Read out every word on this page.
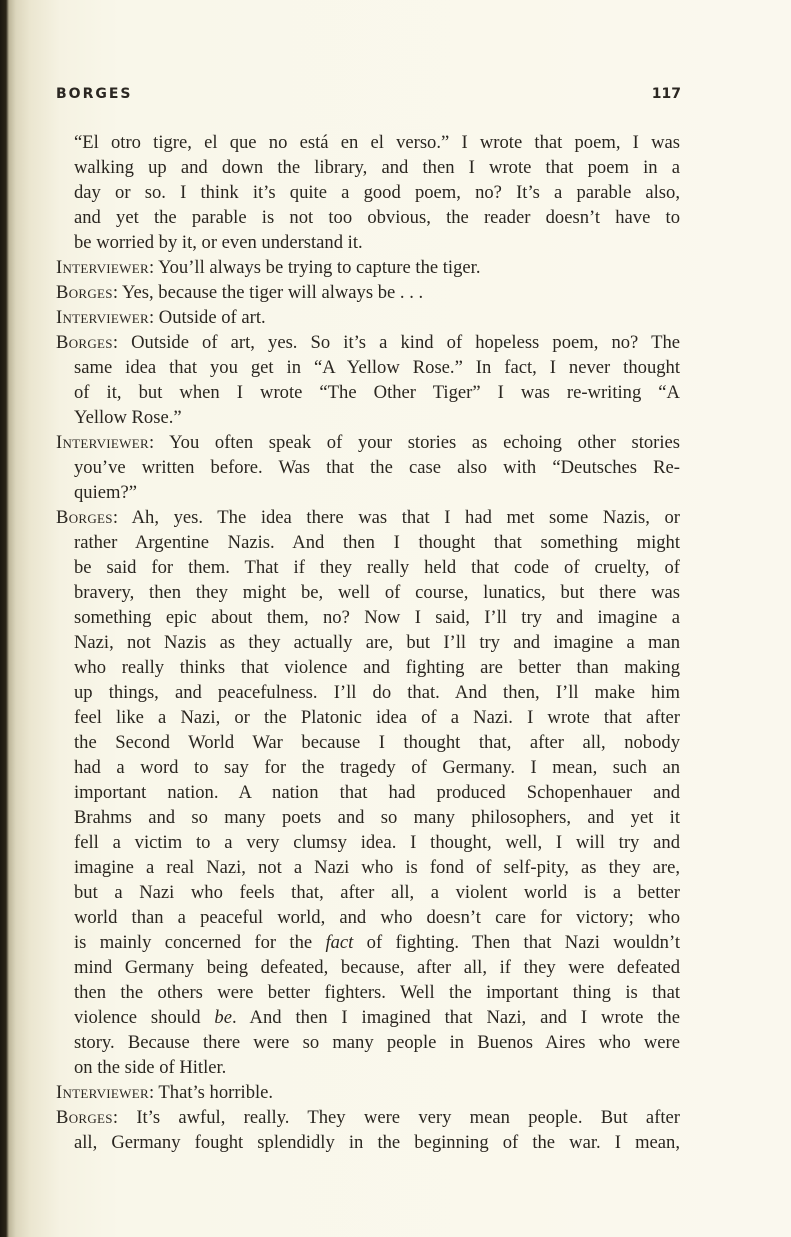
BORGES	117
“El otro tigre, el que no está en el verso.” I wrote that poem, I was
walking up and down the library, and then I wrote that poem in a
day or so. I think it’s quite a good poem, no? It’s a parable also,
and yet the parable is not too obvious, the reader doesn’t have to
be worried by it, or even understand it.
Interviewer: You’ll always be trying to capture the tiger.
Borges: Yes, because the tiger will always be . . .
Interviewer: Outside of art.
Borges: Outside of art, yes. So it’s a kind of hopeless poem, no? The
same idea that you get in “A Yellow Rose.” In fact, I never thought
of it, but when I wrote “The Other Tiger” I was re-writing “A
Yellow Rose.”
Interviewer: You often speak of your stories as echoing other stories
you’ve written before. Was that the case also with “Deutsches Re-
quiem?”
Borges: Ah, yes. The idea there was that I had met some Nazis, or
rather Argentine Nazis. And then I thought that something might
be said for them. That if they really held that code of cruelty, of
bravery, then they might be, well of course, lunatics, but there was
something epic about them, no? Now I said, I’ll try and imagine a
Nazi, not Nazis as they actually are, but I’ll try and imagine a man
who really thinks that violence and fighting are better than making
up things, and peacefulness. I’ll do that. And then, I’ll make him
feel like a Nazi, or the Platonic idea of a Nazi. I wrote that after
the Second World War because I thought that, after all, nobody
had a word to say for the tragedy of Germany. I mean, such an
important nation. A nation that had produced Schopenhauer and
Brahms and so many poets and so many philosophers, and yet it
fell a victim to a very clumsy idea. I thought, well, I will try and
imagine a real Nazi, not a Nazi who is fond of self-pity, as they are,
but a Nazi who feels that, after all, a violent world is a better
world than a peaceful world, and who doesn’t care for victory; who
is mainly concerned for the fact of fighting. Then that Nazi wouldn’t
mind Germany being defeated, because, after all, if they were defeated
then the others were better fighters. Well the important thing is that
violence should be. And then I imagined that Nazi, and I wrote the
story. Because there were so many people in Buenos Aires who were
on the side of Hitler.
Interviewer: That’s horrible.
Borges: It’s awful, really. They were very mean people. But after
all, Germany fought splendidly in the beginning of the war. I mean,
